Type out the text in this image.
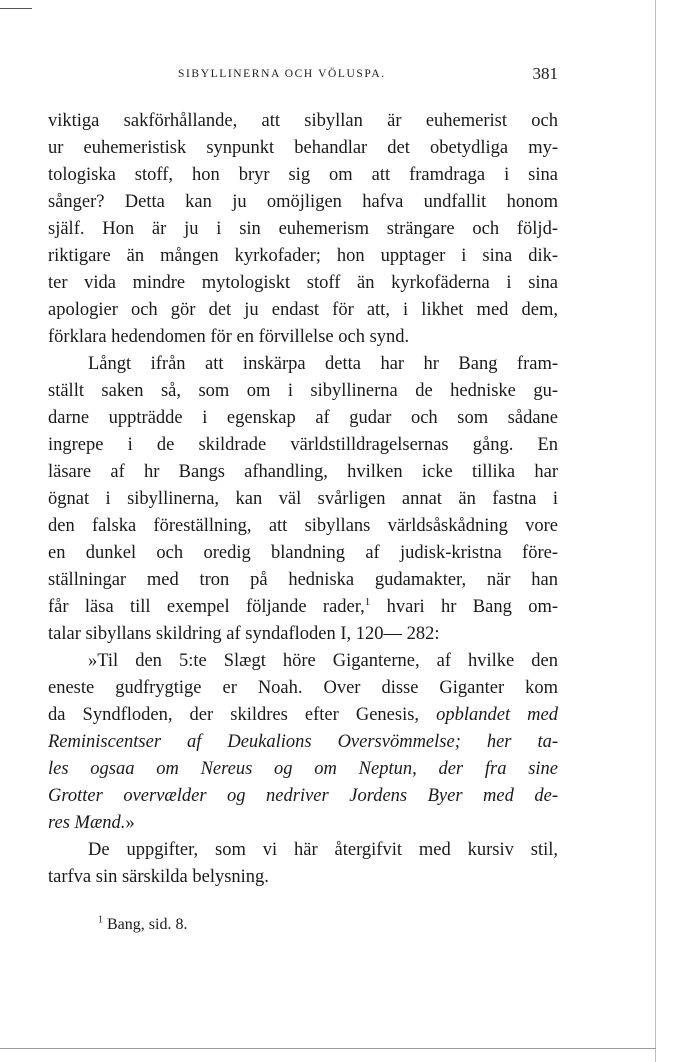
SIBYLLINERNA OCH VÖLUSPA.	381
viktiga sakförhållande, att sibyllan är euhemerist och
ur euhemeristisk synpunkt behandlar det obetydliga my-
tologiska stoff, hon bryr sig om att framdraga i sina
sånger? Detta kan ju omöjligen hafva undfallit honom
själf. Hon är ju i sin euhemerism strängare och följd-
riktigare än mången kyrkofader; hon upptager i sina dik-
ter vida mindre mytologiskt stoff än kyrkofäderna i sina
apologier och gör det ju endast för att, i likhet med dem,
förklara hedendomen för en förvillelse och synd.
Långt ifrån att inskärpa detta har hr Bang fram-
ställt saken så, som om i sibyllinerna de hedniske gu-
darne uppträdde i egenskap af gudar och som sådane
ingrepe i de skildrade världstilldragelsernas gång. En
läsare af hr Bangs afhandling, hvilken icke tillika har
ögnat i sibyllinerna, kan väl svårligen annat än fastna i
den falska föreställning, att sibyllans världsåskådning vore
en dunkel och oredig blandning af judisk-kristna före-
ställningar med tron på hedniska gudamakter, när han
får läsa till exempel följande rader,$^1$ hvari hr Bang om-
talar sibyllans skildring af syndafloden I, 120— 282:
»Til den 5:te Slægt höre Giganterne, af hvilke den
eneste gudfrygtige er Noah. Over disse Giganter kom
da Syndfloden, der skildres efter Genesis, opblandet med
Reminiscentser af Deukalions Oversvömmelse; her ta-
les ogsaa om Nereus og om Neptun, der fra sine
Grotter overvælder og nedriver Jordens Byer med de-
res Mænd.»
De uppgifter, som vi här återgifvit med kursiv stil,
tarfva sin särskilda belysning.
$^1$ Bang, sid. 8.
